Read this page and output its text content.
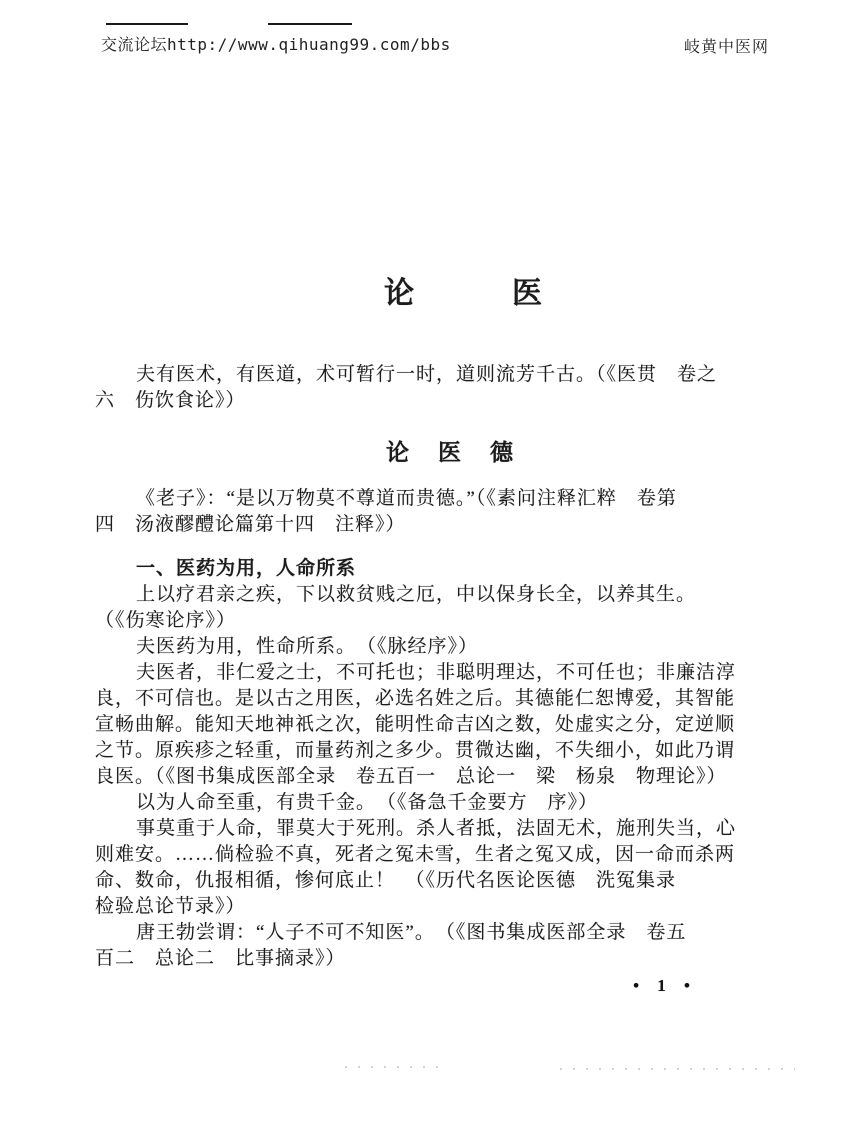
交流论坛http://www.qihuang99.com/bbs	岐黄中医网
论　　　医
夫有医术，有医道，术可暂行一时，道则流芳千古。（《医贯　卷之
六　伤饮食论》）
论　医　德
《老子》：“是以万物莫不尊道而贵德。”（《素问注释汇粹　卷第
四　汤液醪醴论篇第十四　注释》）
一、医药为用，人命所系
上以疗君亲之疾，下以救贫贱之厄，中以保身长全，以养其生。
（《伤寒论序》）
夫医药为用，性命所系。　（《脉经序》）
夫医者，非仁爱之士，不可托也；非聪明理达，不可任也；非廉洁淳
良，不可信也。是以古之用医，必选名姓之后。其德能仁恕博爱，其智能
宣畅曲解。能知天地神祇之次，能明性命吉凶之数，处虚实之分，定逆顺
之节。原疾疹之轻重，而量药剂之多少。贯微达幽，不失细小，如此乃谓
良医。（《图书集成医部全录　卷五百一　总论一　梁　杨泉　物理论》）
以为人命至重，有贵千金。　（《备急千金要方　序》）
事莫重于人命，罪莫大于死刑。杀人者抵，法固无术，施刑失当，心
则难安。……倘检验不真，死者之冤未雪，生者之冤又成，因一命而杀两
命、数命，仇报相循，惨何底止！　（《历代名医论医德　洗冤集录
检验总论节录》）
唐王勃尝谓：“人子不可不知医”。　（《图书集成医部全录　卷五
百二　总论二　比事摘录》）
• 1 •
